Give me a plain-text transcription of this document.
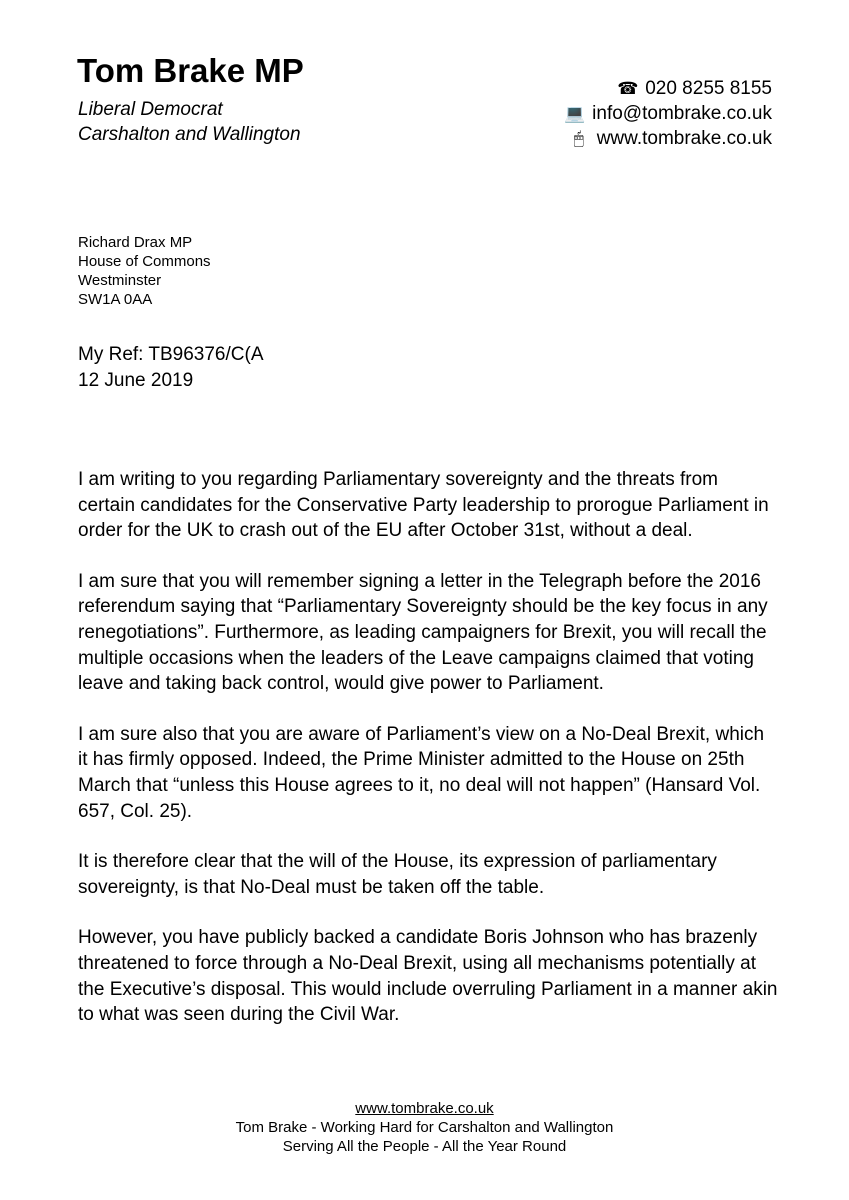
Tom Brake MP
Liberal Democrat
Carshalton and Wallington
☎ 020 8255 8155
💻 info@tombrake.co.uk
🖱 www.tombrake.co.uk
Richard Drax MP
House of Commons
Westminster
SW1A 0AA
My Ref: TB96376/C(A
12 June 2019

I am writing to you regarding Parliamentary sovereignty and the threats from certain candidates for the Conservative Party leadership to prorogue Parliament in order for the UK to crash out of the EU after October 31st, without a deal.

I am sure that you will remember signing a letter in the Telegraph before the 2016 referendum saying that “Parliamentary Sovereignty should be the key focus in any renegotiations”. Furthermore, as leading campaigners for Brexit, you will recall the multiple occasions when the leaders of the Leave campaigns claimed that voting leave and taking back control, would give power to Parliament.

I am sure also that you are aware of Parliament’s view on a No-Deal Brexit, which it has firmly opposed. Indeed, the Prime Minister admitted to the House on 25th March that “unless this House agrees to it, no deal will not happen” (Hansard Vol. 657, Col. 25).

It is therefore clear that the will of the House, its expression of parliamentary sovereignty, is that No-Deal must be taken off the table.

However, you have publicly backed a candidate Boris Johnson who has brazenly threatened to force through a No-Deal Brexit, using all mechanisms potentially at the Executive’s disposal. This would include overruling Parliament in a manner akin to what was seen during the Civil War.

www.tombrake.co.uk
Tom Brake - Working Hard for Carshalton and Wallington
Serving All the People - All the Year Round
